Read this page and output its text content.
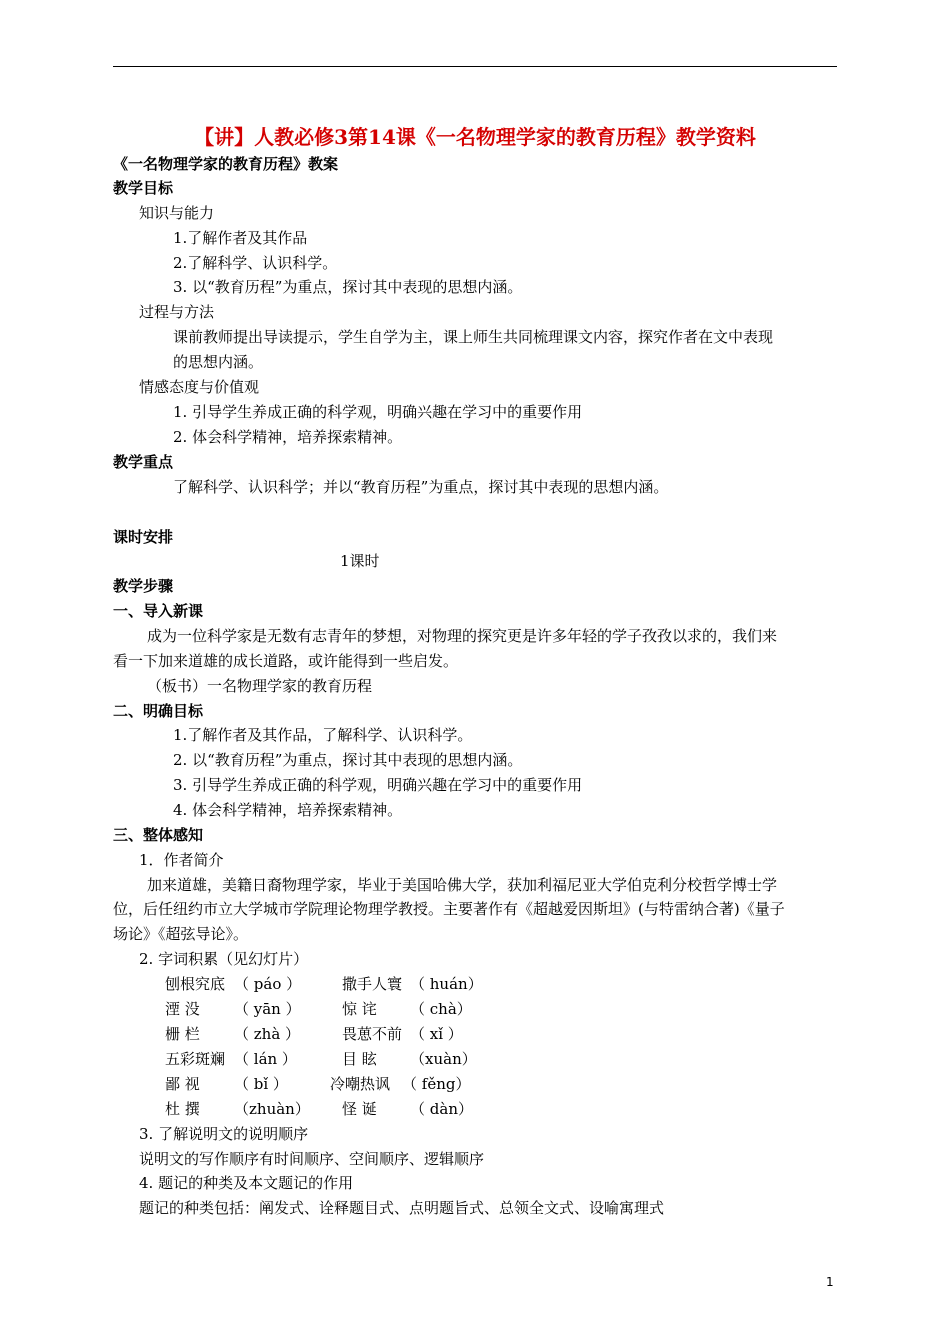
【讲】人教必修3第14课《一名物理学家的教育历程》教学资料
《一名物理学家的教育历程》教案
教学目标
知识与能力
1.了解作者及其作品
2.了解科学、认识科学。
3. 以“教育历程”为重点，探讨其中表现的思想内涵。
过程与方法
课前教师提出导读提示，学生自学为主，课上师生共同梳理课文内容，探究作者在文中表现
的思想内涵。
情感态度与价值观
1. 引导学生养成正确的科学观，明确兴趣在学习中的重要作用
2. 体会科学精神，培养探索精神。
教学重点
了解科学、认识科学；并以“教育历程”为重点，探讨其中表现的思想内涵。
课时安排
1课时
教学步骤
一、导入新课
成为一位科学家是无数有志青年的梦想，对物理的探究更是许多年轻的学子孜孜以求的，我们来
看一下加来道雄的成长道路，或许能得到一些启发。
（板书）一名物理学家的教育历程
二、明确目标
1.了解作者及其作品，了解科学、认识科学。
2. 以“教育历程”为重点，探讨其中表现的思想内涵。
3. 引导学生养成正确的科学观，明确兴趣在学习中的重要作用
4. 体会科学精神，培养探索精神。
三、整体感知
1．作者简介
加来道雄，美籍日裔物理学家，毕业于美国哈佛大学，获加利福尼亚大学伯克利分校哲学博士学
位，后任纽约市立大学城市学院理论物理学教授。主要著作有《超越爱因斯坦》(与特雷纳合著)《量子
场论》《超弦导论》。
2. 字词积累（见幻灯片）
刨根究底 （ páo ）	撒手人寰 （ huán）
湮 没 （ yān ）	惊 诧 （ chà）
栅 栏 （ zhà ）	畏葸不前 （ xǐ ）
五彩斑斓 （ lán ）	目 眩 （xuàn）
鄙 视 （ bǐ ）	冷嘲热讽 （ fěng）
杜 撰 （zhuàn） 怪 诞 （ dàn）
3. 了解说明文的说明顺序
说明文的写作顺序有时间顺序、空间顺序、逻辑顺序
4. 题记的种类及本文题记的作用
题记的种类包括：阐发式、诠释题目式、点明题旨式、总领全文式、设喻寓理式
1
